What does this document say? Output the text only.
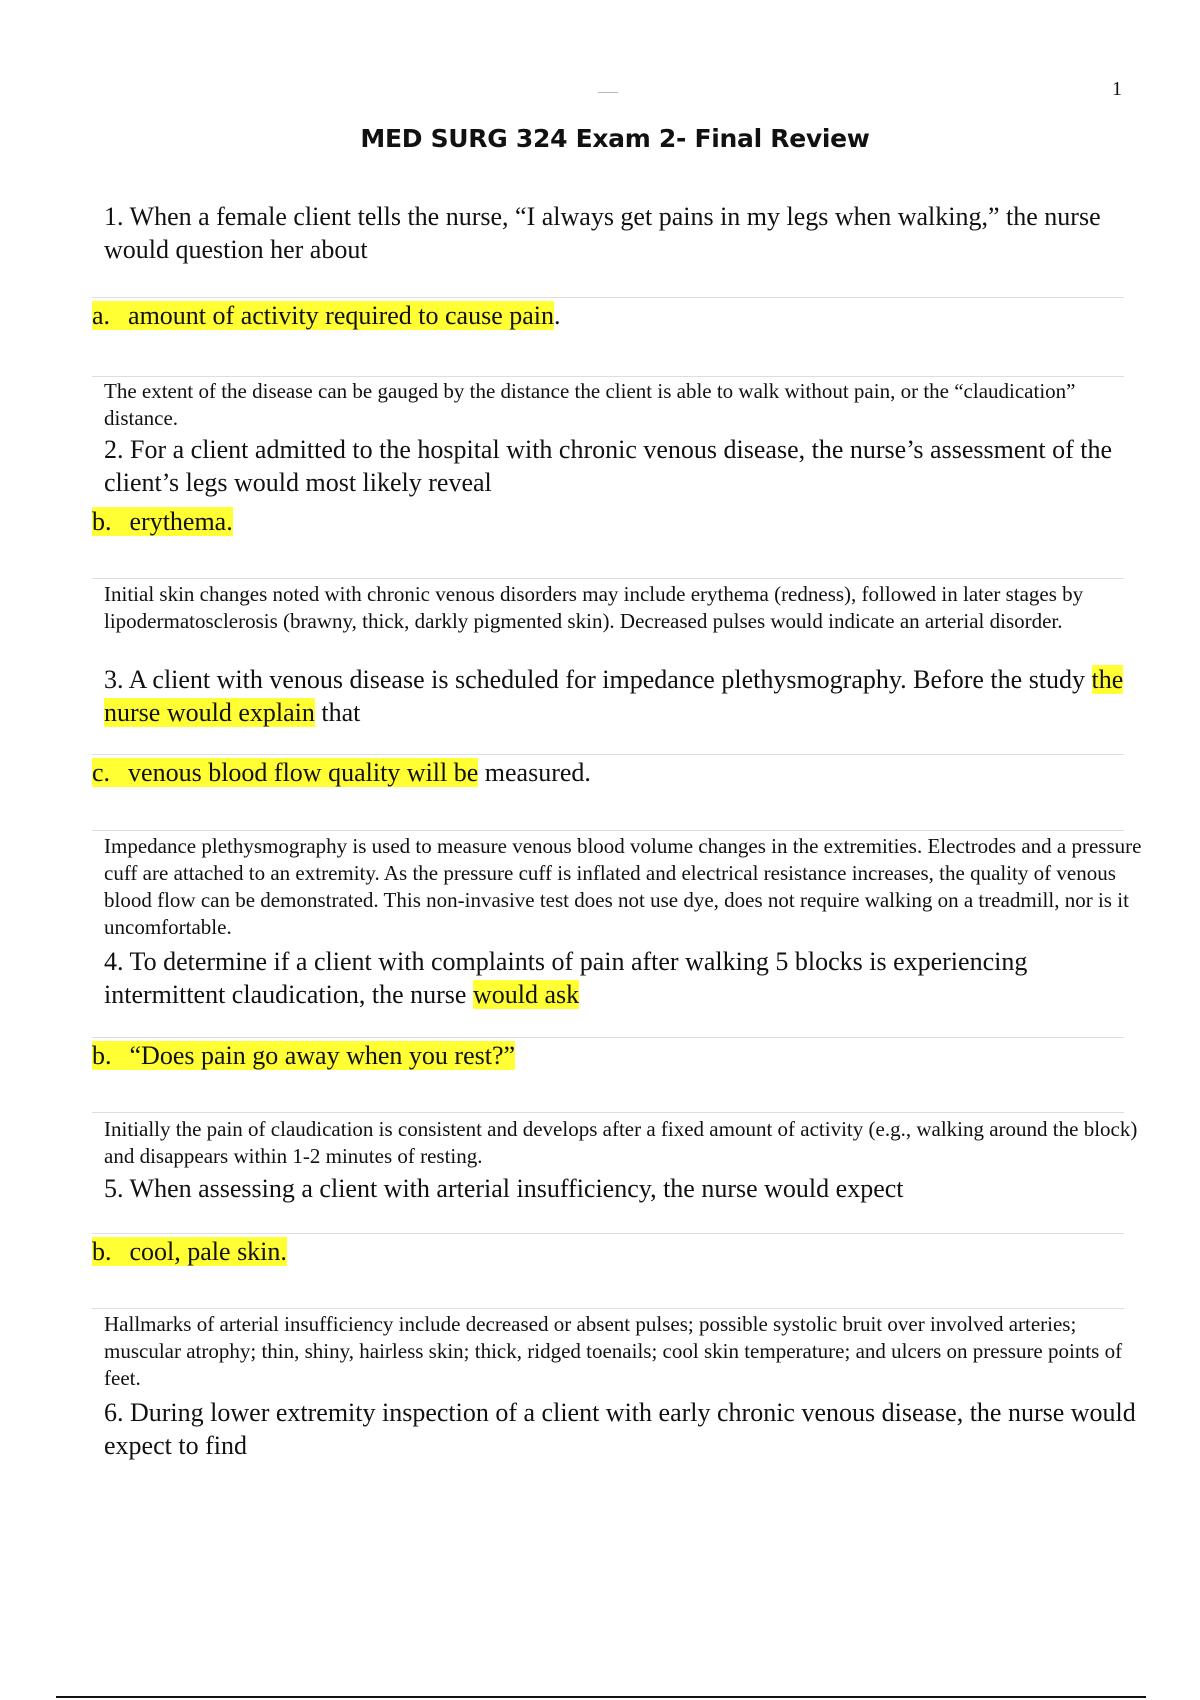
1
MED SURG 324 Exam 2- Final Review
1. When a female client tells the nurse, “I always get pains in my legs when walking,” the nurse would question her about
a. amount of activity required to cause pain.
The extent of the disease can be gauged by the distance the client is able to walk without pain, or the “claudication” distance.
2. For a client admitted to the hospital with chronic venous disease, the nurse’s assessment of the client’s legs would most likely reveal
b. erythema.
Initial skin changes noted with chronic venous disorders may include erythema (redness), followed in later stages by lipodermatosclerosis (brawny, thick, darkly pigmented skin). Decreased pulses would indicate an arterial disorder.
3. A client with venous disease is scheduled for impedance plethysmography. Before the study the nurse would explain that
c. venous blood flow quality will be measured.
Impedance plethysmography is used to measure venous blood volume changes in the extremities. Electrodes and a pressure cuff are attached to an extremity. As the pressure cuff is inflated and electrical resistance increases, the quality of venous blood flow can be demonstrated. This non-invasive test does not use dye, does not require walking on a treadmill, nor is it uncomfortable.
4. To determine if a client with complaints of pain after walking 5 blocks is experiencing intermittent claudication, the nurse would ask
b. “Does pain go away when you rest?”
Initially the pain of claudication is consistent and develops after a fixed amount of activity (e.g., walking around the block) and disappears within 1-2 minutes of resting.
5. When assessing a client with arterial insufficiency, the nurse would expect
b. cool, pale skin.
Hallmarks of arterial insufficiency include decreased or absent pulses; possible systolic bruit over involved arteries; muscular atrophy; thin, shiny, hairless skin; thick, ridged toenails; cool skin temperature; and ulcers on pressure points of feet.
6. During lower extremity inspection of a client with early chronic venous disease, the nurse would expect to find
